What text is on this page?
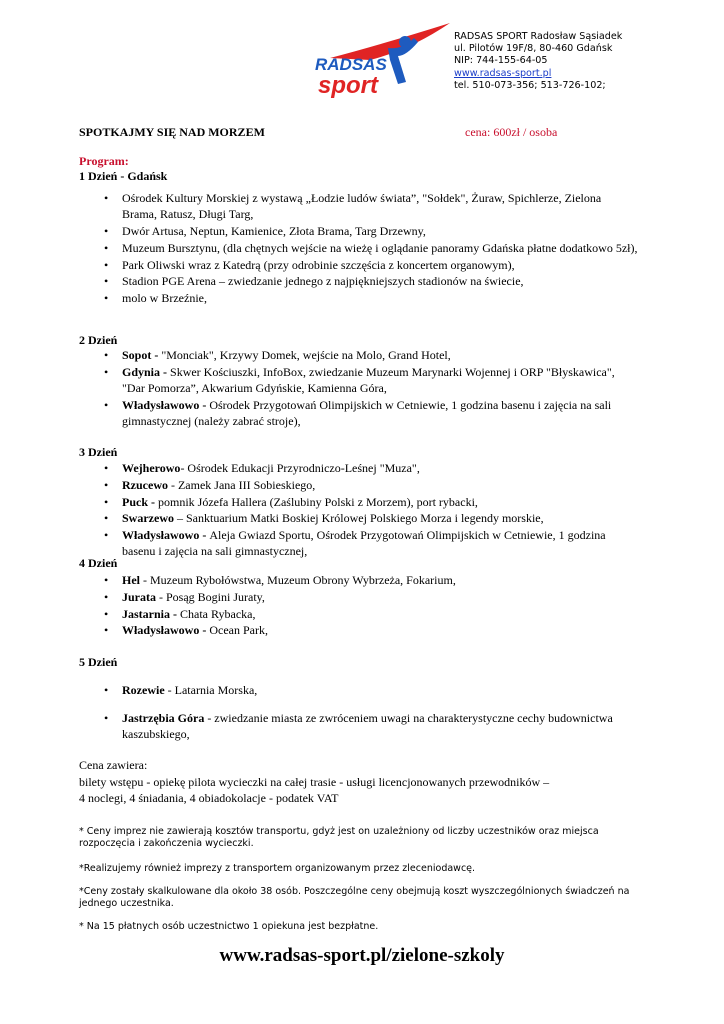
RADSAS
sport
RADSAS SPORT Radosław Sąsiadek
ul. Pilotów 19F/8, 80-460 Gdańsk
NIP: 744-155-64-05
www.radsas-sport.pl
tel. 510-073-356; 513-726-102;
SPOTKAJMY SIĘ NAD MORZEM	cena: 600zł / osoba
Program:
1 Dzień - Gdańsk
• Ośrodek Kultury Morskiej z wystawą „Łodzie ludów świata”, "Sołdek", Żuraw, Spichlerze, Zielona Brama, Ratusz, Długi Targ,
• Dwór Artusa, Neptun, Kamienice, Złota Brama, Targ Drzewny,
• Muzeum Bursztynu, (dla chętnych wejście na wieżę i oglądanie panoramy Gdańska płatne dodatkowo 5zł),
• Park Oliwski wraz z Katedrą (przy odrobinie szczęścia z koncertem organowym),
• Stadion PGE Arena – zwiedzanie jednego z najpiękniejszych stadionów na świecie,
• molo w Brzeźnie,
2 Dzień
• Sopot - "Monciak", Krzywy Domek, wejście na Molo, Grand Hotel,
• Gdynia - Skwer Kościuszki, InfoBox, zwiedzanie Muzeum Marynarki Wojennej i ORP "Błyskawica", "Dar Pomorza”, Akwarium Gdyńskie, Kamienna Góra,
• Władysławowo - Ośrodek Przygotowań Olimpijskich w Cetniewie, 1 godzina basenu i zajęcia na sali gimnastycznej (należy zabrać stroje),
3 Dzień
• Wejherowo- Ośrodek Edukacji Przyrodniczo-Leśnej "Muza",
• Rzucewo - Zamek Jana III Sobieskiego,
• Puck - pomnik Józefa Hallera (Zaślubiny Polski z Morzem), port rybacki,
• Swarzewo – Sanktuarium Matki Boskiej Królowej Polskiego Morza i legendy morskie,
• Władysławowo - Aleja Gwiazd Sportu, Ośrodek Przygotowań Olimpijskich w Cetniewie, 1 godzina basenu i zajęcia na sali gimnastycznej,
4 Dzień
• Hel - Muzeum Rybołówstwa, Muzeum Obrony Wybrzeża, Fokarium,
• Jurata - Posąg Bogini Juraty,
• Jastarnia - Chata Rybacka,
• Władysławowo - Ocean Park,
5 Dzień
• Rozewie - Latarnia Morska,
• Jastrzębia Góra - zwiedzanie miasta ze zwróceniem uwagi na charakterystyczne cechy budownictwa kaszubskiego,
Cena zawiera:
bilety wstępu - opiekę pilota wycieczki na całej trasie - usługi licencjonowanych przewodników –
4 noclegi, 4 śniadania, 4 obiadokolacje - podatek VAT
* Ceny imprez nie zawierają kosztów transportu, gdyż jest on uzależniony od liczby uczestników oraz miejsca rozpoczęcia i zakończenia wycieczki.
*Realizujemy również imprezy z transportem organizowanym przez zleceniodawcę.
*Ceny zostały skalkulowane dla około 38 osób. Poszczególne ceny obejmują koszt wyszczególnionych świadczeń na jednego uczestnika.
* Na 15 płatnych osób uczestnictwo 1 opiekuna jest bezpłatne.
www.radsas-sport.pl/zielone-szkoly
